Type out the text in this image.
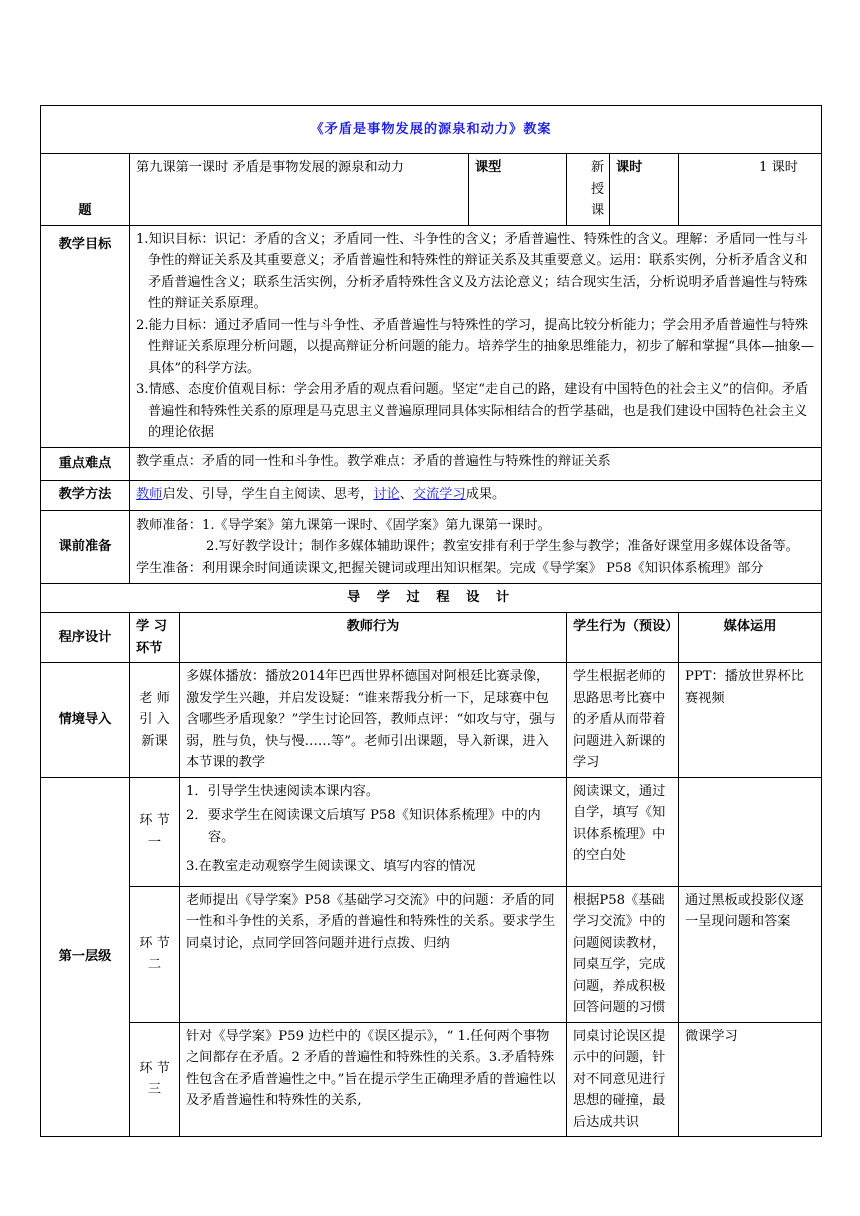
《矛盾是事物发展的源泉和动力》教案						
题	第九课第一课时 矛盾是事物发展的源泉和动力		课型	新授课	课时	1 课时
教学目标	1.知识目标：识记：矛盾的含义；矛盾同一性、斗争性的含义；矛盾普遍性、特殊性的含义。理解：矛盾同一性与斗争性的辩证关系及其重要意义；矛盾普遍性和特殊性的辩证关系及其重要意义。运用：联系实例，分析矛盾含义和矛盾普遍性含义；联系生活实例，分析矛盾特殊性含义及方法论意义；结合现实生活，分析说明矛盾普遍性与特殊性的辩证关系原理。

2.能力目标：通过矛盾同一性与斗争性、矛盾普遍性与特殊性的学习，提高比较分析能力；学会用矛盾普遍性与特殊性辩证关系原理分析问题，以提高辩证分析问题的能力。培养学生的抽象思维能力，初步了解和掌握“具体—抽象—具体”的科学方法。

3.情感、态度价值观目标：学会用矛盾的观点看问题。坚定“走自己的路，建设有中国特色的社会主义”的信仰。矛盾普遍性和特殊性关系的原理是马克思主义普遍原理同具体实际相结合的哲学基础，也是我们建设中国特色社会主义的理论依据					

重点难点	教学重点：矛盾的同一性和斗争性。教学难点：矛盾的普遍性与特殊性的辩证关系					
教学方法	教师启发、引导，学生自主阅读、思考，讨论、交流学习成果。					
课前准备	教师准备：1.《导学案》第九课第一课时、《固学案》第九课第一课时。

2.写好教学设计；制作多媒体辅助课件；教室安排有利于学生参与教学；准备好课堂用多媒体设备等。

学生准备：利用课余时间通读课文,把握关键词或理出知识框架。完成《导学案》 P58《知识体系梳理》部分					

导 学 过 程 设 计						
程序设计	学 习 环节	教师行为		学生行为（预设）		媒体运用
情境导入	老 师 引 入 新课	多媒体播放：播放2014年巴西世界杯德国对阿根廷比赛录像，激发学生兴趣，并启发设疑：“谁来帮我分析一下，足球赛中包含哪些矛盾现象？”学生讨论回答，教师点评：“如攻与守，强与弱，胜与负，快与慢……等”。老师引出课题，导入新课，进入本节课的教学		学生根据老师的思路思考比赛中的矛盾从而带着问题进入新课的学习		PPT：播放世界杯比赛视频
第一层级	环 节 一	1．引导学生快速阅读本课内容。

2．要求学生在阅读课文后填写 P58《知识体系梳理》中的内容。

3.在教室走动观察学生阅读课文、填写内容的情况		阅读课文，通过自学，填写《知识体系梳理》中的空白处		
	环 节 二	老师提出《导学案》P58《基础学习交流》中的问题：矛盾的同一性和斗争性的关系，矛盾的普遍性和特殊性的关系。要求学生同桌讨论，点同学回答问题并进行点拨、归纳		根据P58《基础学习交流》中的问题阅读教材，同桌互学，完成问题，养成积极回答问题的习惯		通过黑板或投影仪逐一呈现问题和答案
	环 节 三	针对《导学案》P59 边栏中的《误区提示》，“ 1.任何两个事物之间都存在矛盾。2 矛盾的普遍性和特殊性的关系。3.矛盾特殊性包含在矛盾普遍性之中。”旨在提示学生正确理矛盾的普遍性以及矛盾普遍性和特殊性的关系,		同桌讨论误区提示中的问题，针对不同意见进行思想的碰撞，最后达成共识		微课学习
